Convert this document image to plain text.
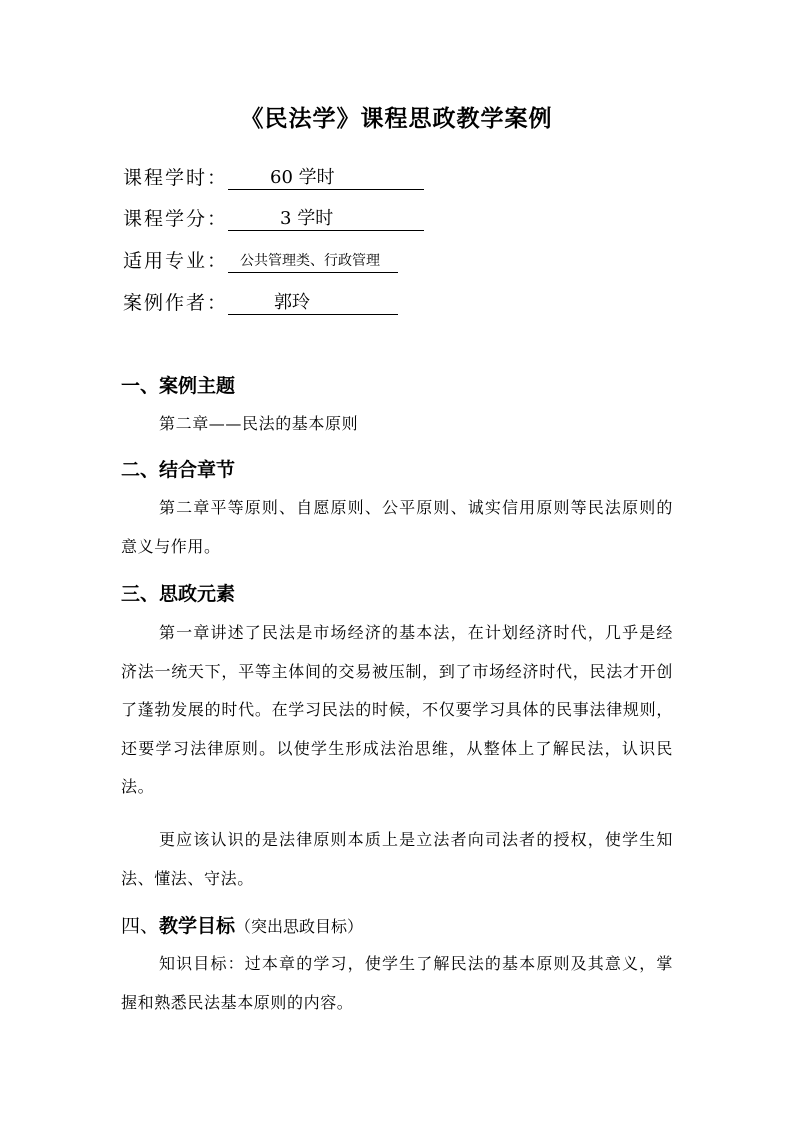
《民法学》课程思政教学案例
课程学时：	60 学时
课程学分：	3 学时
适用专业： 公共管理类、行政管理
案例作者：	郭玲
一、案例主题

第二章——民法的基本原则

二、结合章节

第二章平等原则、自愿原则、公平原则、诚实信用原则等民法原则的意义与作用。

三、思政元素

第一章讲述了民法是市场经济的基本法，在计划经济时代，几乎是经济法一统天下，平等主体间的交易被压制，到了市场经济时代，民法才开创了蓬勃发展的时代。在学习民法的时候，不仅要学习具体的民事法律规则，还要学习法律原则。以使学生形成法治思维，从整体上了解民法，认识民法。

更应该认识的是法律原则本质上是立法者向司法者的授权，使学生知法、懂法、守法。

四、教学目标（突出思政目标）

知识目标：过本章的学习，使学生了解民法的基本原则及其意义，掌握和熟悉民法基本原则的内容。
